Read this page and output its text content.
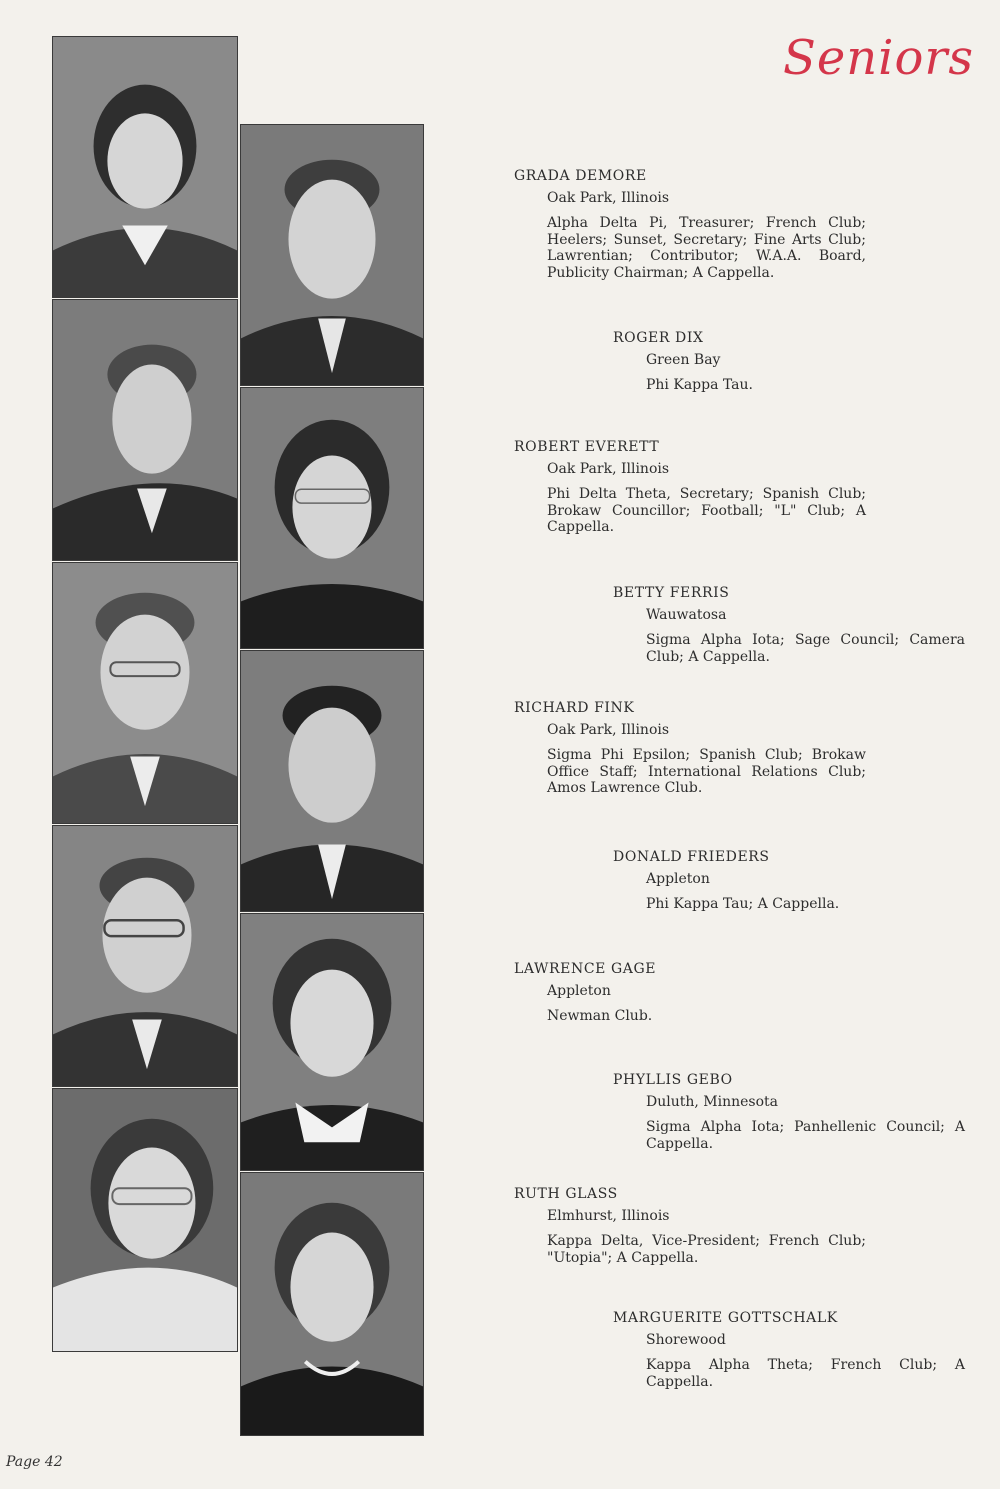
Seniors
GRADA DEMORE
Oak Park, Illinois
Alpha Delta Pi, Treasurer; French Club; Heelers; Sunset, Secretary; Fine Arts Club; Lawrentian; Contributor; W.A.A. Board, Publicity Chairman; A Cappella.
ROGER DIX
Green Bay
Phi Kappa Tau.
ROBERT EVERETT
Oak Park, Illinois
Phi Delta Theta, Secretary; Spanish Club; Brokaw Councillor; Football; "L" Club; A Cappella.
BETTY FERRIS
Wauwatosa
Sigma Alpha Iota; Sage Council; Camera Club; A Cappella.
RICHARD FINK
Oak Park, Illinois
Sigma Phi Epsilon; Spanish Club; Brokaw Office Staff; International Relations Club; Amos Lawrence Club.
DONALD FRIEDERS
Appleton
Phi Kappa Tau; A Cappella.
LAWRENCE GAGE
Appleton
Newman Club.
PHYLLIS GEBO
Duluth, Minnesota
Sigma Alpha Iota; Panhellenic Council; A Cappella.
RUTH GLASS
Elmhurst, Illinois
Kappa Delta, Vice-President; French Club; "Utopia"; A Cappella.
MARGUERITE GOTTSCHALK
Shorewood
Kappa Alpha Theta; French Club; A Cappella.
Page 42
